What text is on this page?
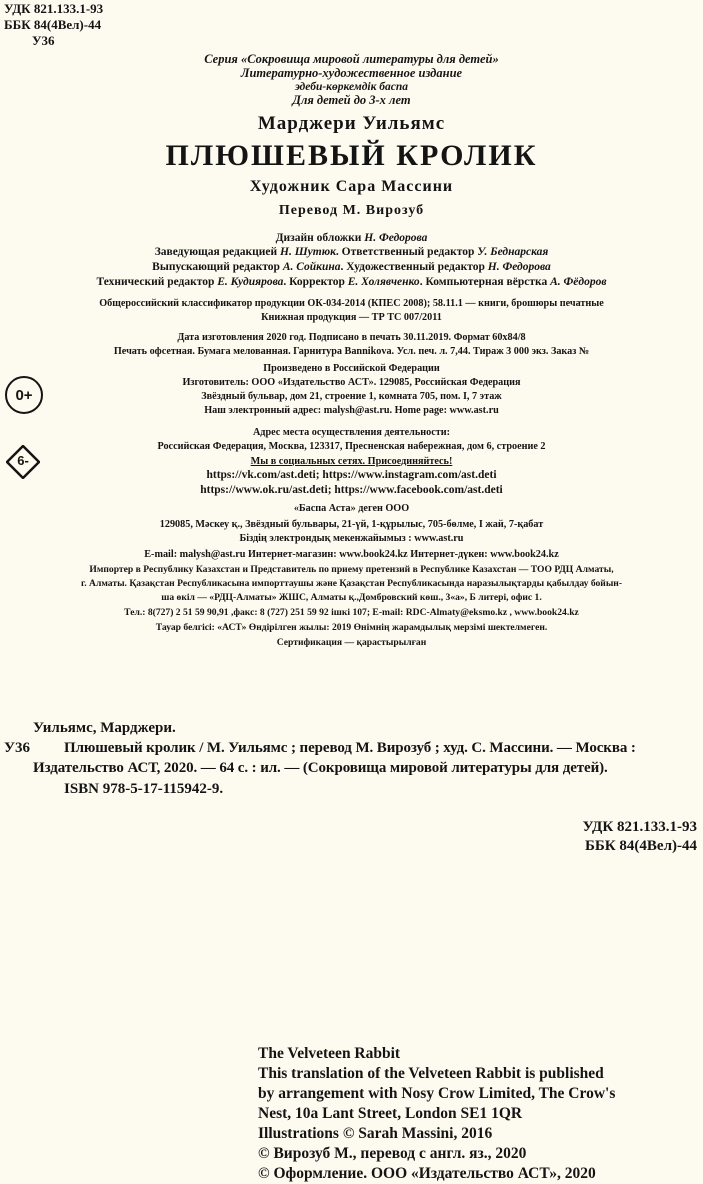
УДК 821.133.1-93
ББК 84(4Вел)-44
У36
Серия «Сокровища мировой литературы для детей»
Литературно-художественное издание
эдеби-көркемдік баспа
Для детей до 3-х лет
Марджери Уильямс
ПЛЮШЕВЫЙ КРОЛИК
Художник Сара Массини
Перевод М. Вирозуб
Дизайн обложки Н. Федорова
Заведующая редакцией Н. Шутюк. Ответственный редактор У. Беднарская
Выпускающий редактор А. Сойкина. Художественный редактор Н. Федорова
Технический редактор Е. Кудиярова. Корректор Е. Холявченко. Компьютерная вёрстка А. Фёдоров
Общероссийский классификатор продукции ОК-034-2014 (КПЕС 2008); 58.11.1 — книги, брошюры печатные
Книжная продукция — ТР ТС 007/2011
Дата изготовления 2020 год. Подписано в печать 30.11.2019. Формат 60x84/8
Печать офсетная. Бумага мелованная. Гарнитура Bannikova. Усл. печ. л. 7,44. Тираж 3 000 экз. Заказ №
0+
6-
Произведено в Российской Федерации
Изготовитель: ООО «Издательство АСТ». 129085, Российская Федерация
Звёздный бульвар, дом 21, строение 1, комната 705, пом. I, 7 этаж
Наш электронный адрес: malysh@ast.ru. Home page: www.ast.ru
Адрес места осуществления деятельности:
Российская Федерация, Москва, 123317, Пресненская набережная, дом 6, строение 2
Мы в социальных сетях. Присоединяйтесь!
https://vk.com/ast.deti; https://www.instagram.com/ast.deti
https://www.ok.ru/ast.deti; https://www.facebook.com/ast.deti
«Баспа Аста» деген ООО
129085, Мәскеу қ., Звёздный бульвары, 21-үй, 1-құрылыс, 705-бөлме, I жай, 7-қабат
Біздің электрондық мекенжайымыз : www.ast.ru
E-mail: malysh@ast.ru Интернет-магазин: www.book24.kz Интернет-дүкен: www.book24.kz
Импортер в Республику Казахстан и Представитель по приему претензий в Республике Казахстан — ТОО РДЦ Алматы,
г. Алматы. Қазақстан Республикасына импорттаушы және Қазақстан Республикасында наразылықтарды қабылдау бойын-
ша өкіл — «РДЦ-Алматы» ЖШС, Алматы қ.,Домбровский көш., 3«а», Б литері, офис 1.
Тел.: 8(727) 2 51 59 90,91 ,факс: 8 (727) 251 59 92 ішкі 107; E-mail: RDC-Almaty@eksmo.kz , www.book24.kz
Тауар белгісі: «АСТ» Өндірілген жылы: 2019 Өнімнің жарамдылық мерзімі шектелмеген.
Сертификация — қарастырылған
Уильямс, Марджери.
У36 Плюшевый кролик / М. Уильямс ; перевод М. Вирозуб ; худ. С. Массини. — Москва :
Издательство АСТ, 2020. — 64 с. : ил. — (Сокровища мировой литературы для детей).
ISBN 978-5-17-115942-9.
УДК 821.133.1-93
ББК 84(4Вел)-44
The Velveteen Rabbit
This translation of the Velveteen Rabbit is published
by arrangement with Nosy Crow Limited, The Crow's
Nest, 10a Lant Street, London SE1 1QR
Illustrations © Sarah Massini, 2016
© Вирозуб М., перевод с англ. яз., 2020
© Оформление. ООО «Издательство АСТ», 2020
